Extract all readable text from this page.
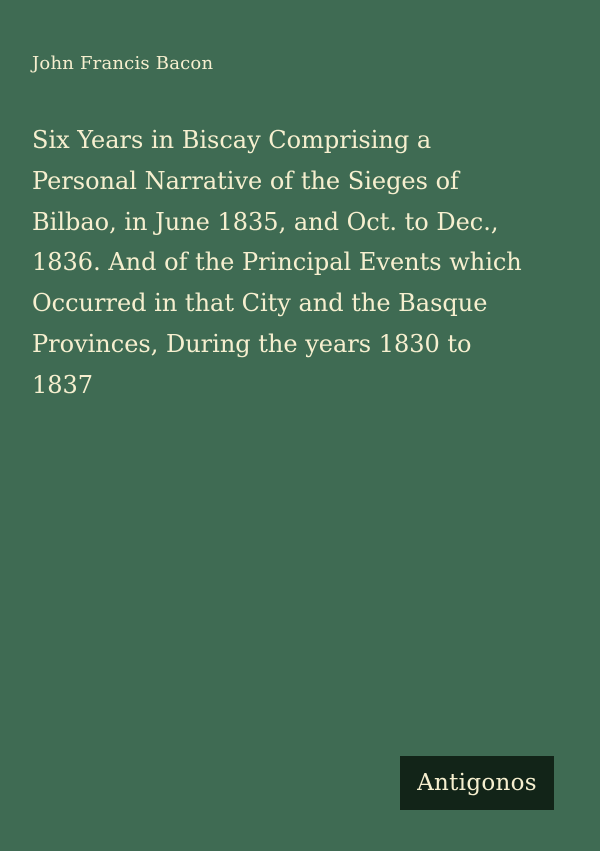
John Francis Bacon
Six Years in Biscay Comprising a
Personal Narrative of the Sieges of
Bilbao, in June 1835, and Oct. to Dec.,
1836. And of the Principal Events which
Occurred in that City and the Basque
Provinces, During the years 1830 to
1837
Antigonos
